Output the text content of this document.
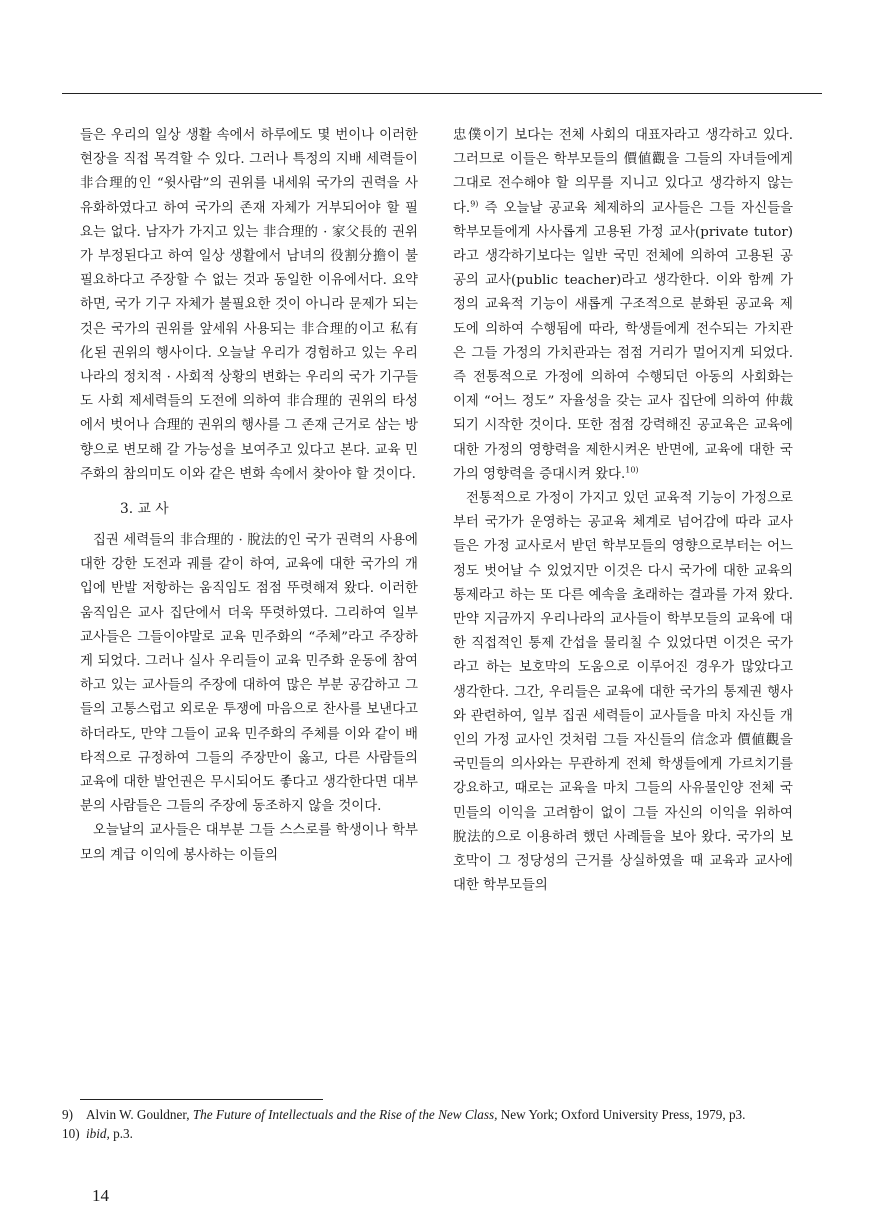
들은 우리의 일상 생활 속에서 하루에도 몇 번이나 이러한 현장을 직접 목격할 수 있다. 그러나 특정의 지배 세력들이 非合理的인 “윗사람”의 권위를 내세워 국가의 권력을 사유화하였다고 하여 국가의 존재 자체가 거부되어야 할 필요는 없다. 남자가 가지고 있는 非合理的 · 家父長的 권위가 부정된다고 하여 일상 생활에서 남녀의 役割分擔이 불필요하다고 주장할 수 없는 것과 동일한 이유에서다. 요약하면, 국가 기구 자체가 불필요한 것이 아니라 문제가 되는 것은 국가의 권위를 앞세워 사용되는 非合理的이고 私有化된 권위의 행사이다. 오늘날 우리가 경험하고 있는 우리나라의 정치적 · 사회적 상황의 변화는 우리의 국가 기구들도 사회 제세력들의 도전에 의하여 非合理的 권위의 타성에서 벗어나 合理的 권위의 행사를 그 존재 근거로 삼는 방향으로 변모해 갈 가능성을 보여주고 있다고 본다. 교육 민주화의 참의미도 이와 같은 변화 속에서 찾아야 할 것이다.

3. 교 사

집권 세력들의 非合理的 · 脫法的인 국가 권력의 사용에 대한 강한 도전과 궤를 같이 하여, 교육에 대한 국가의 개입에 반발 저항하는 움직임도 점점 뚜렷해져 왔다. 이러한 움직임은 교사 집단에서 더욱 뚜렷하였다. 그리하여 일부 교사들은 그들이야말로 교육 민주화의 “주체”라고 주장하게 되었다. 그러나 실사 우리들이 교육 민주화 운동에 참여하고 있는 교사들의 주장에 대하여 많은 부분 공감하고 그들의 고통스럽고 외로운 투쟁에 마음으로 찬사를 보낸다고 하더라도, 만약 그들이 교육 민주화의 주체를 이와 같이 배타적으로 규정하여 그들의 주장만이 옳고, 다른 사람들의 교육에 대한 발언권은 무시되어도 좋다고 생각한다면 대부분의 사람들은 그들의 주장에 동조하지 않을 것이다.

오늘날의 교사들은 대부분 그들 스스로를 학생이나 학부모의 계급 이익에 봉사하는 이들의

忠僕이기 보다는 전체 사회의 대표자라고 생각하고 있다. 그러므로 이들은 학부모들의 價値觀을 그들의 자녀들에게 그대로 전수해야 할 의무를 지니고 있다고 생각하지 않는다.$^{9)}$ 즉 오늘날 공교육 체제하의 교사들은 그들 자신들을 학부모들에게 사사롭게 고용된 가정 교사(private tutor)라고 생각하기보다는 일반 국민 전체에 의하여 고용된 공공의 교사(public teacher)라고 생각한다. 이와 함께 가정의 교육적 기능이 새롭게 구조적으로 분화된 공교육 제도에 의하여 수행됨에 따라, 학생들에게 전수되는 가치관은 그들 가정의 가치관과는 점점 거리가 멀어지게 되었다. 즉 전통적으로 가정에 의하여 수행되던 아동의 사회화는 이제 “어느 정도” 자율성을 갖는 교사 집단에 의하여 仲裁되기 시작한 것이다. 또한 점점 강력해진 공교육은 교육에 대한 가정의 영향력을 제한시켜온 반면에, 교육에 대한 국가의 영향력을 증대시켜 왔다.$^{10)}$

전통적으로 가정이 가지고 있던 교육적 기능이 가정으로부터 국가가 운영하는 공교육 체계로 넘어감에 따라 교사들은 가정 교사로서 받던 학부모들의 영향으로부터는 어느 정도 벗어날 수 있었지만 이것은 다시 국가에 대한 교육의 통제라고 하는 또 다른 예속을 초래하는 결과를 가져 왔다. 만약 지금까지 우리나라의 교사들이 학부모들의 교육에 대한 직접적인 통제 간섭을 물리칠 수 있었다면 이것은 국가라고 하는 보호막의 도움으로 이루어진 경우가 많았다고 생각한다. 그간, 우리들은 교육에 대한 국가의 통제권 행사와 관련하여, 일부 집권 세력들이 교사들을 마치 자신들 개인의 가정 교사인 것처럼 그들 자신들의 信念과 價値觀을 국민들의 의사와는 무관하게 전체 학생들에게 가르치기를 강요하고, 때로는 교육을 마치 그들의 사유물인양 전체 국민들의 이익을 고려함이 없이 그들 자신의 이익을 위하여 脫法的으로 이용하려 했던 사례들을 보아 왔다. 국가의 보호막이 그 정당성의 근거를 상실하였을 때 교육과 교사에 대한 학부모들의

9) Alvin W. Gouldner, The Future of Intellectuals and the Rise of the New Class, New York; Oxford University Press, 1979, p3.
10) ibid, p.3.
14
